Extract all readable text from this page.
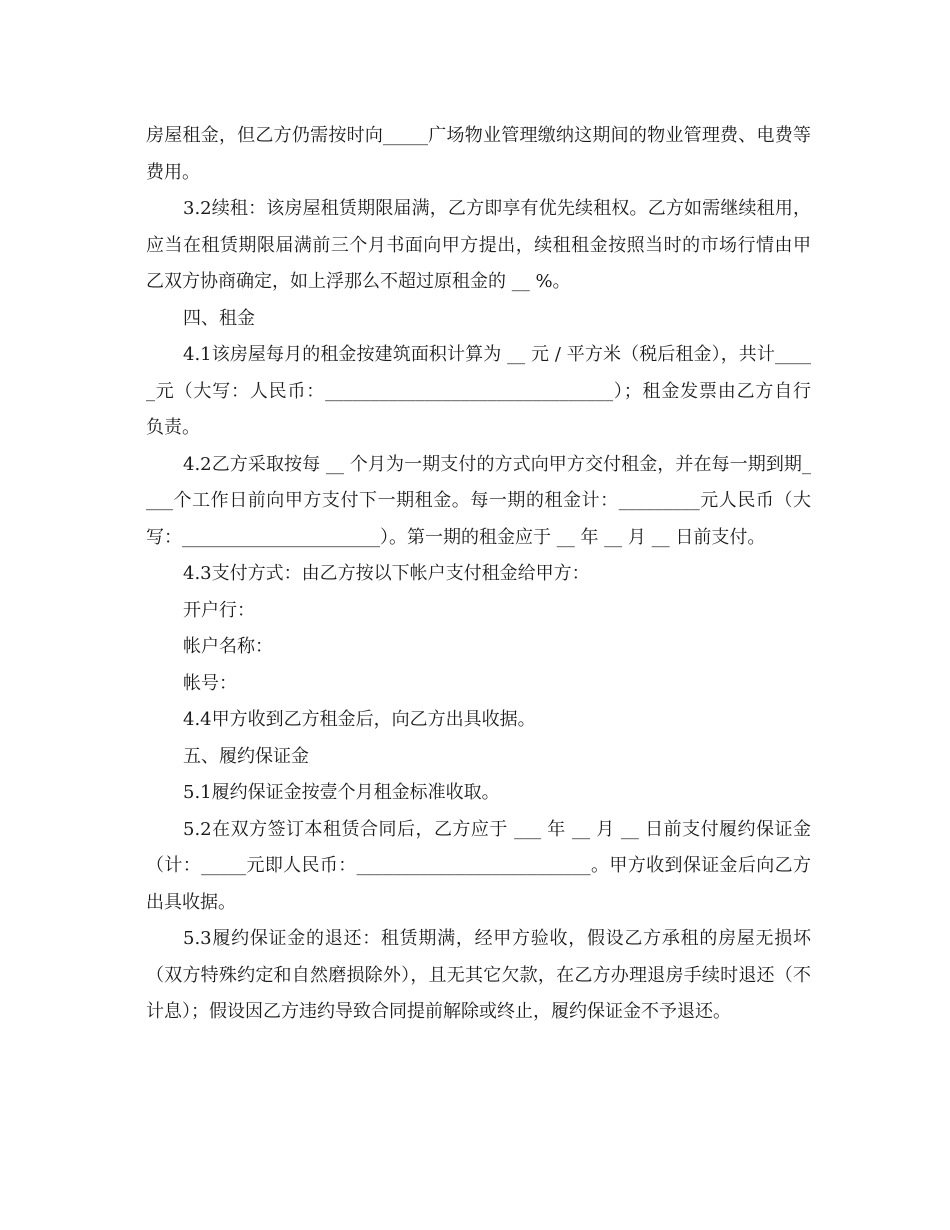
房屋租金，但乙方仍需按时向_____广场物业管理缴纳这期间的物业管理费、电费等费用。

3.2续租：该房屋租赁期限届满，乙方即享有优先续租权。乙方如需继续租用，应当在租赁期限届满前三个月书面向甲方提出，续租租金按照当时的市场行情由甲乙双方协商确定，如上浮那么不超过原租金的 __ %。

四、租金

4.1该房屋每月的租金按建筑面积计算为 __ 元 / 平方米（税后租金），共计_____元（大写：人民币：________________________________）；租金发票由乙方自行负责。

4.2乙方采取按每 __ 个月为一期支付的方式向甲方交付租金，并在每一期到期____个工作日前向甲方支付下一期租金。每一期的租金计：_________元人民币（大写：______________________）。第一期的租金应于 __ 年 __ 月 __ 日前支付。

4.3支付方式：由乙方按以下帐户支付租金给甲方：

开户行：

帐户名称：

帐号：

4.4甲方收到乙方租金后，向乙方出具收据。

五、履约保证金

5.1履约保证金按壹个月租金标准收取。

5.2在双方签订本租赁合同后，乙方应于 ___ 年 __ 月 __ 日前支付履约保证金（计：_____元即人民币：__________________________。甲方收到保证金后向乙方出具收据。

5.3履约保证金的退还：租赁期满，经甲方验收，假设乙方承租的房屋无损坏（双方特殊约定和自然磨损除外），且无其它欠款，在乙方办理退房手续时退还（不计息）；假设因乙方违约导致合同提前解除或终止，履约保证金不予退还。
